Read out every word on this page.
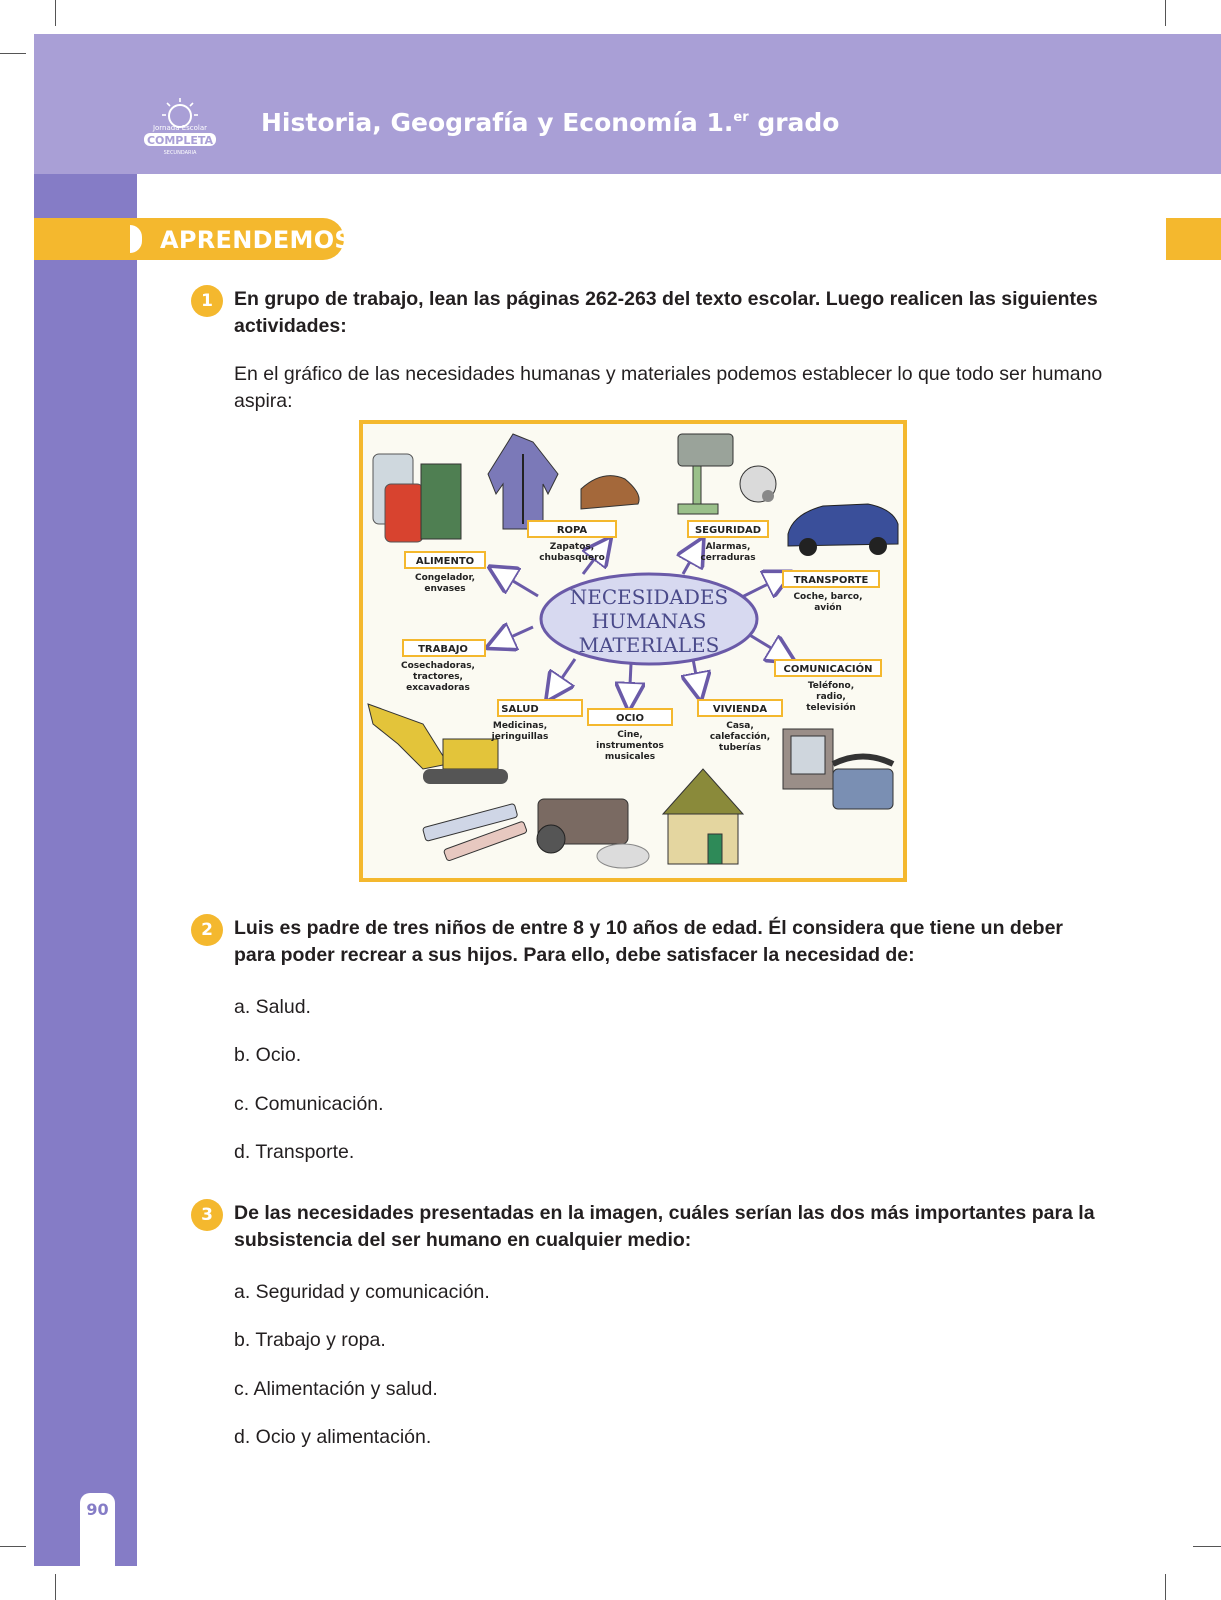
Jornada Escolar
COMPLETA
SECUNDARIA
Historia, Geografía y Economía 1.$^{er}$ grado
90
APRENDEMOS
1	En grupo de trabajo, lean las páginas 262-263 del texto escolar. Luego realicen las siguientes actividades:
En el gráfico de las necesidades humanas y materiales podemos establecer lo que todo ser humano aspira:
NECESIDADES
HUMANAS
MATERIALES
ALIMENTO
Congelador,
envases
ROPA
Zapatos,
chubasquero
SEGURIDAD
Alarmas,
cerraduras
TRANSPORTE
Coche, barco,
avión
COMUNICACIÓN
Teléfono,
radio,
televisión
VIVIENDA
Casa,
calefacción,
tuberías
OCIO
Cine,
instrumentos
musicales
SALUD
Medicinas,
jeringuillas
TRABAJO
Cosechadoras,
tractores,
excavadoras
2	Luis es padre de tres niños de entre 8 y 10 años de edad. Él considera que tiene un deber para poder recrear a sus hijos. Para ello, debe satisfacer la necesidad de:
a. Salud.
b. Ocio.
c. Comunicación.
d. Transporte.
3	De las necesidades presentadas en la imagen, cuáles serían las dos más importantes para la subsistencia del ser humano en cualquier medio:
a. Seguridad y comunicación.
b. Trabajo y ropa.
c. Alimentación y salud.
d. Ocio y alimentación.
